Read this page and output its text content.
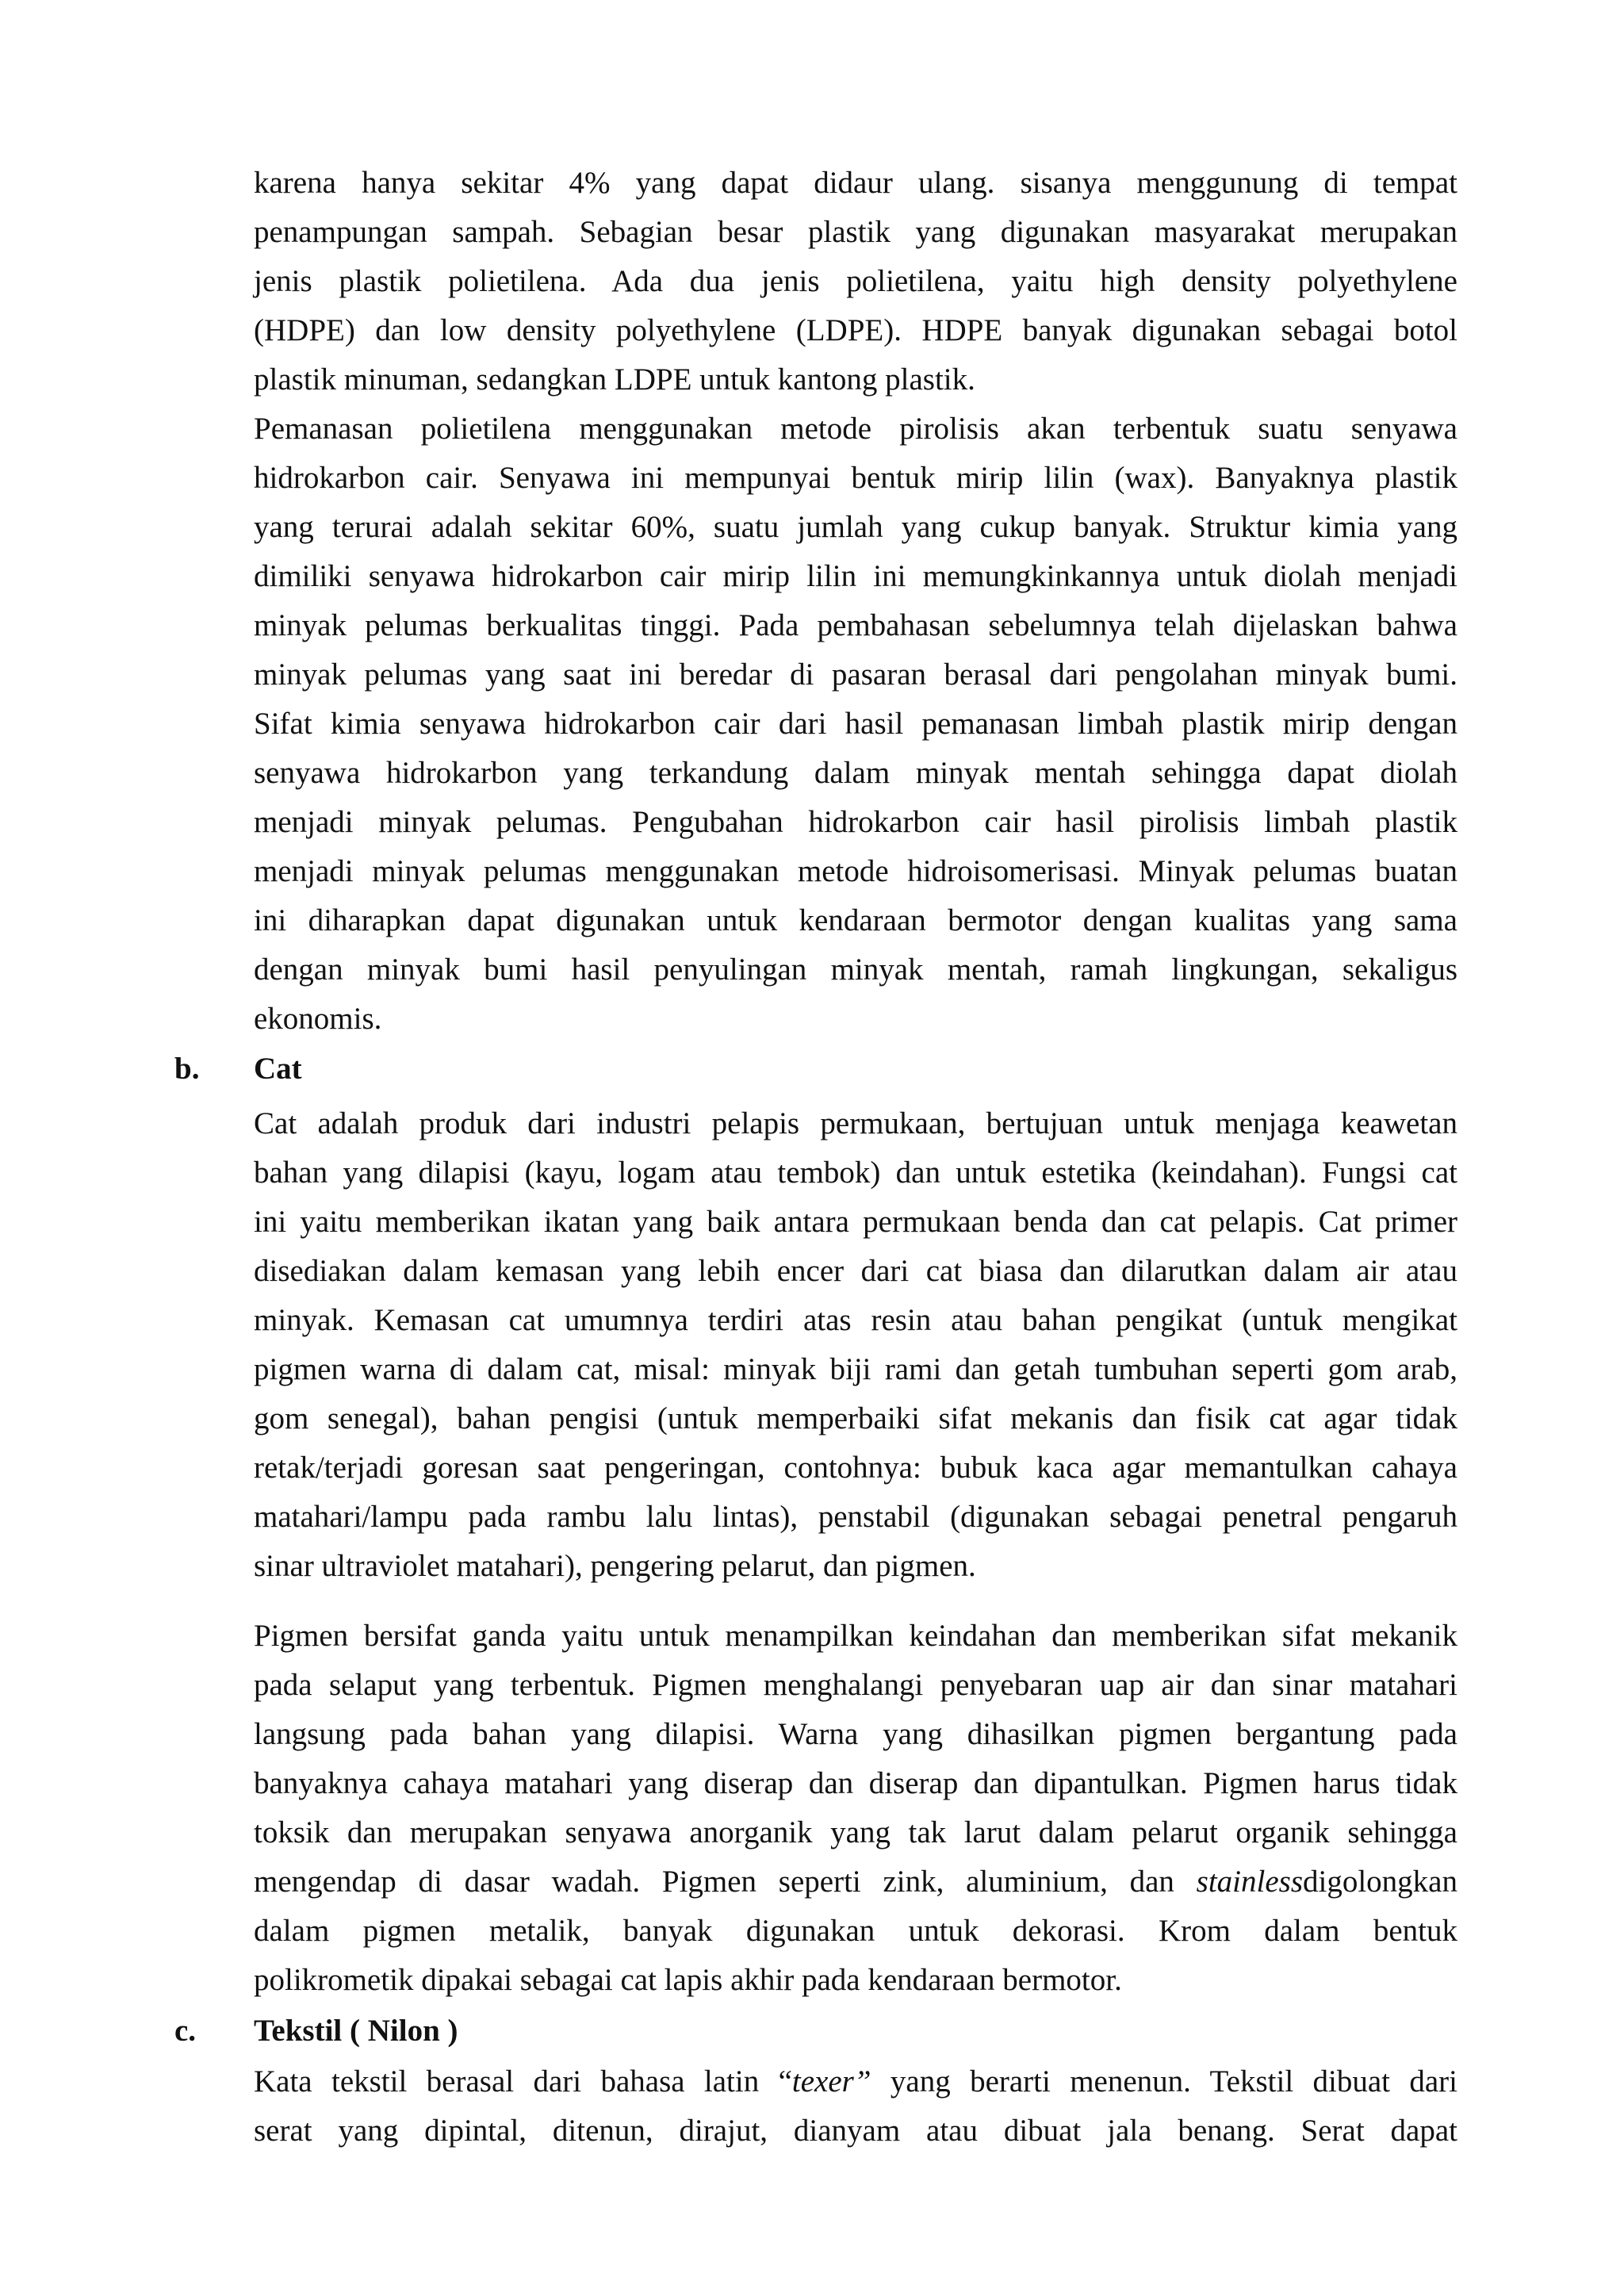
karena hanya sekitar 4% yang dapat didaur ulang. sisanya menggunung di tempat
penampungan sampah. Sebagian besar plastik yang digunakan masyarakat merupakan
jenis plastik polietilena. Ada dua jenis polietilena, yaitu high density polyethylene
(HDPE) dan low density polyethylene (LDPE). HDPE banyak digunakan sebagai botol
plastik minuman, sedangkan LDPE untuk kantong plastik.
Pemanasan polietilena menggunakan metode pirolisis akan terbentuk suatu senyawa
hidrokarbon cair. Senyawa ini mempunyai bentuk mirip lilin (wax). Banyaknya plastik
yang terurai adalah sekitar 60%, suatu jumlah yang cukup banyak. Struktur kimia yang
dimiliki senyawa hidrokarbon cair mirip lilin ini memungkinkannya untuk diolah menjadi
minyak pelumas berkualitas tinggi. Pada pembahasan sebelumnya telah dijelaskan bahwa
minyak pelumas yang saat ini beredar di pasaran berasal dari pengolahan minyak bumi.
Sifat kimia senyawa hidrokarbon cair dari hasil pemanasan limbah plastik mirip dengan
senyawa hidrokarbon yang terkandung dalam minyak mentah sehingga dapat diolah
menjadi minyak pelumas. Pengubahan hidrokarbon cair hasil pirolisis limbah plastik
menjadi minyak pelumas menggunakan metode hidroisomerisasi. Minyak pelumas buatan
ini diharapkan dapat digunakan untuk kendaraan bermotor dengan kualitas yang sama
dengan minyak bumi hasil penyulingan minyak mentah, ramah lingkungan, sekaligus
ekonomis.
b. Cat
Cat adalah produk dari industri pelapis permukaan, bertujuan untuk menjaga keawetan
bahan yang dilapisi (kayu, logam atau tembok) dan untuk estetika (keindahan). Fungsi cat
ini yaitu memberikan ikatan yang baik antara permukaan benda dan cat pelapis. Cat primer
disediakan dalam kemasan yang lebih encer dari cat biasa dan dilarutkan dalam air atau
minyak. Kemasan cat umumnya terdiri atas resin atau bahan pengikat (untuk mengikat
pigmen warna di dalam cat, misal: minyak biji rami dan getah tumbuhan seperti gom arab,
gom senegal), bahan pengisi (untuk memperbaiki sifat mekanis dan fisik cat agar tidak
retak/terjadi goresan saat pengeringan, contohnya: bubuk kaca agar memantulkan cahaya
matahari/lampu pada rambu lalu lintas), penstabil (digunakan sebagai penetral pengaruh
sinar ultraviolet matahari), pengering pelarut, dan pigmen.
Pigmen bersifat ganda yaitu untuk menampilkan keindahan dan memberikan sifat mekanik
pada selaput yang terbentuk. Pigmen menghalangi penyebaran uap air dan sinar matahari
langsung pada bahan yang dilapisi. Warna yang dihasilkan pigmen bergantung pada
banyaknya cahaya matahari yang diserap dan diserap dan dipantulkan. Pigmen harus tidak
toksik dan merupakan senyawa anorganik yang tak larut dalam pelarut organik sehingga
mengendap di dasar wadah. Pigmen seperti zink, aluminium, dan stainlessdigolongkan
dalam pigmen metalik, banyak digunakan untuk dekorasi. Krom dalam bentuk
polikrometik dipakai sebagai cat lapis akhir pada kendaraan bermotor.
c. Tekstil ( Nilon )
Kata tekstil berasal dari bahasa latin “texer” yang berarti menenun. Tekstil dibuat dari
serat yang dipintal, ditenun, dirajut, dianyam atau dibuat jala benang. Serat dapat
